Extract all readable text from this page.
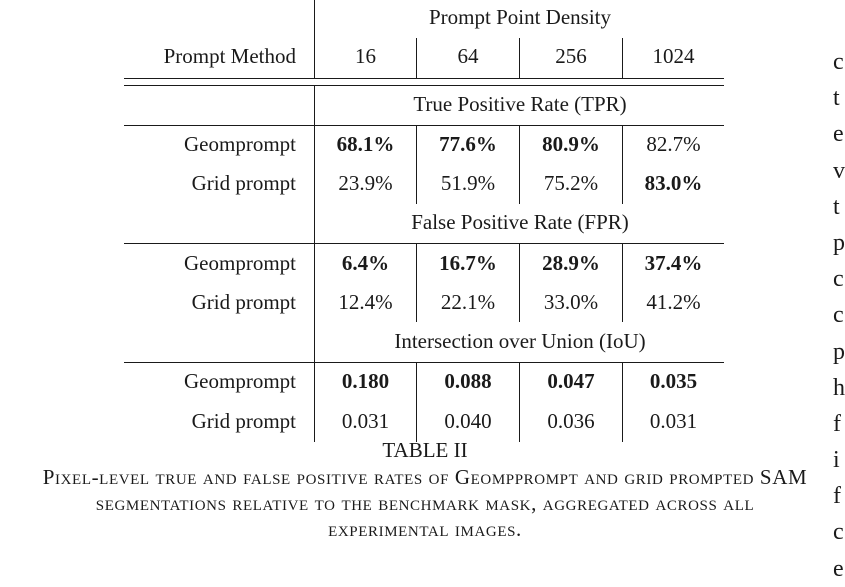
Prompt Point Density
Prompt Method	16	64	256	1024
True Positive Rate (TPR)
Geomprompt	68.1%	77.6%	80.9%	82.7%
Grid prompt	23.9%	51.9%	75.2%	83.0%
False Positive Rate (FPR)
Geomprompt	6.4%	16.7%	28.9%	37.4%
Grid prompt	12.4%	22.1%	33.0%	41.2%
Intersection over Union (IoU)
Geomprompt	0.180	0.088	0.047	0.035
Grid prompt	0.031	0.040	0.036	0.031
TABLE II
Pixel-level true and false positive rates of Geompprompt and grid prompted SAM segmentations relative to the benchmark mask, aggregated across all experimental images.
c
t
e
v
t
p
c
c
p
h
f
i
f
c
e
